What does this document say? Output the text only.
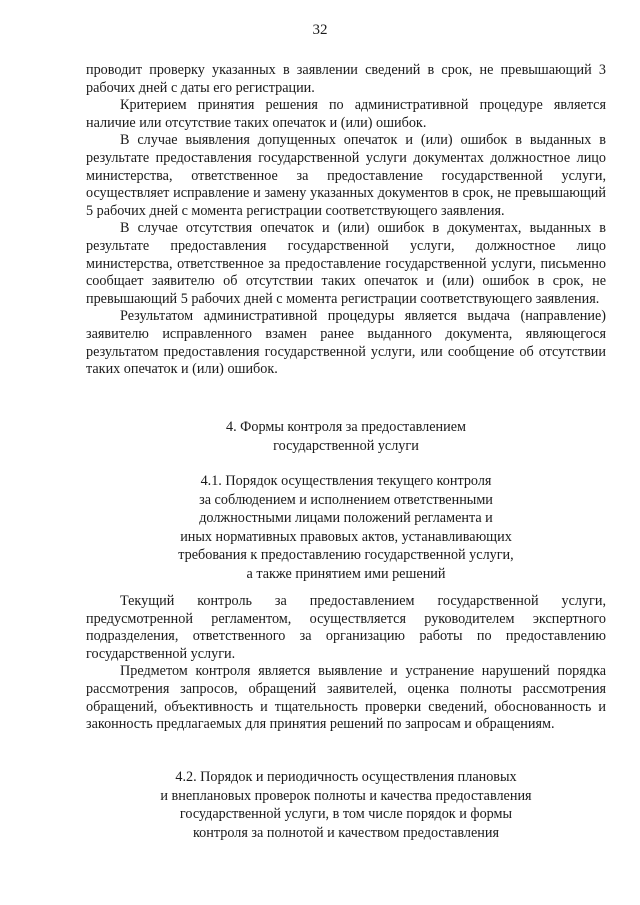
32

проводит проверку указанных в заявлении сведений в срок, не превышающий 3 рабочих дней с даты его регистрации.

Критерием принятия решения по административной процедуре является наличие или отсутствие таких опечаток и (или) ошибок.

В случае выявления допущенных опечаток и (или) ошибок в выданных в результате предоставления государственной услуги документах должностное лицо министерства, ответственное за предоставление государственной услуги, осуществляет исправление и замену указанных документов в срок, не превышающий 5 рабочих дней с момента регистрации соответствующего заявления.

В случае отсутствия опечаток и (или) ошибок в документах, выданных в результате предоставления государственной услуги, должностное лицо министерства, ответственное за предоставление государственной услуги, письменно сообщает заявителю об отсутствии таких опечаток и (или) ошибок в срок, не превышающий 5 рабочих дней с момента регистрации соответствующего заявления.

Результатом административной процедуры является выдача (направление) заявителю исправленного взамен ранее выданного документа, являющегося результатом предоставления государственной услуги, или сообщение об отсутствии таких опечаток и (или) ошибок.

4. Формы контроля за предоставлением
государственной услуги
4.1. Порядок осуществления текущего контроля
за соблюдением и исполнением ответственными
должностными лицами положений регламента и
иных нормативных правовых актов, устанавливающих
требования к предоставлению государственной услуги,
а также принятием ими решений

Текущий контроль за предоставлением государственной услуги, предусмотренной регламентом, осуществляется руководителем экспертного подразделения, ответственного за организацию работы по предоставлению государственной услуги.

Предметом контроля является выявление и устранение нарушений порядка рассмотрения запросов, обращений заявителей, оценка полноты рассмотрения обращений, объективность и тщательность проверки сведений, обоснованность и законность предлагаемых для принятия решений по запросам и обращениям.

4.2. Порядок и периодичность осуществления плановых
и внеплановых проверок полноты и качества предоставления
государственной услуги, в том числе порядок и формы
контроля за полнотой и качеством предоставления
